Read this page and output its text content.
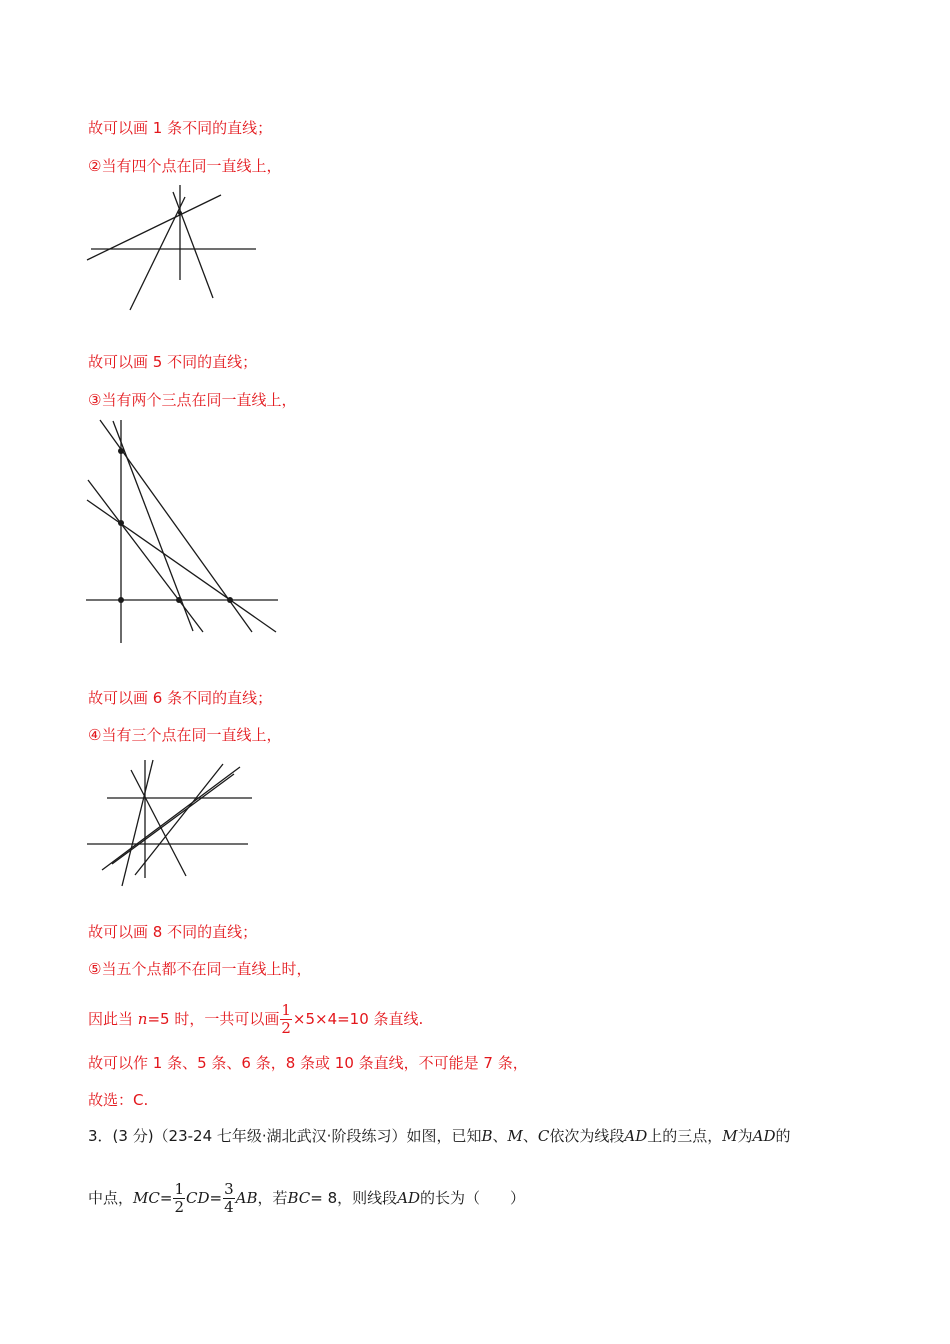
故可以画 1 条不同的直线；
②当有四个点在同一直线上，
故可以画 5 不同的直线；
③当有两个三点在同一直线上，
故可以画 6 条不同的直线；
④当有三个点在同一直线上，
故可以画 8 不同的直线；
⑤当五个点都不在同一直线上时，
因此当 n=5 时，一共可以画 $\frac{1}{2} \times 5\times 4=10$ 条直线.
故可以作 1 条、5 条、6 条，8 条或 10 条直线，不可能是 7 条，
故选：C.
3．(3 分)（23-24 七年级·湖北武汉·阶段练习）如图，已知B、M、C依次为线段AD上的三点，M为AD的
中点，$MC= \frac{1}{2} CD= \frac{3}{4}$ AB，若BC= 8，则线段AD的长为（　　）
